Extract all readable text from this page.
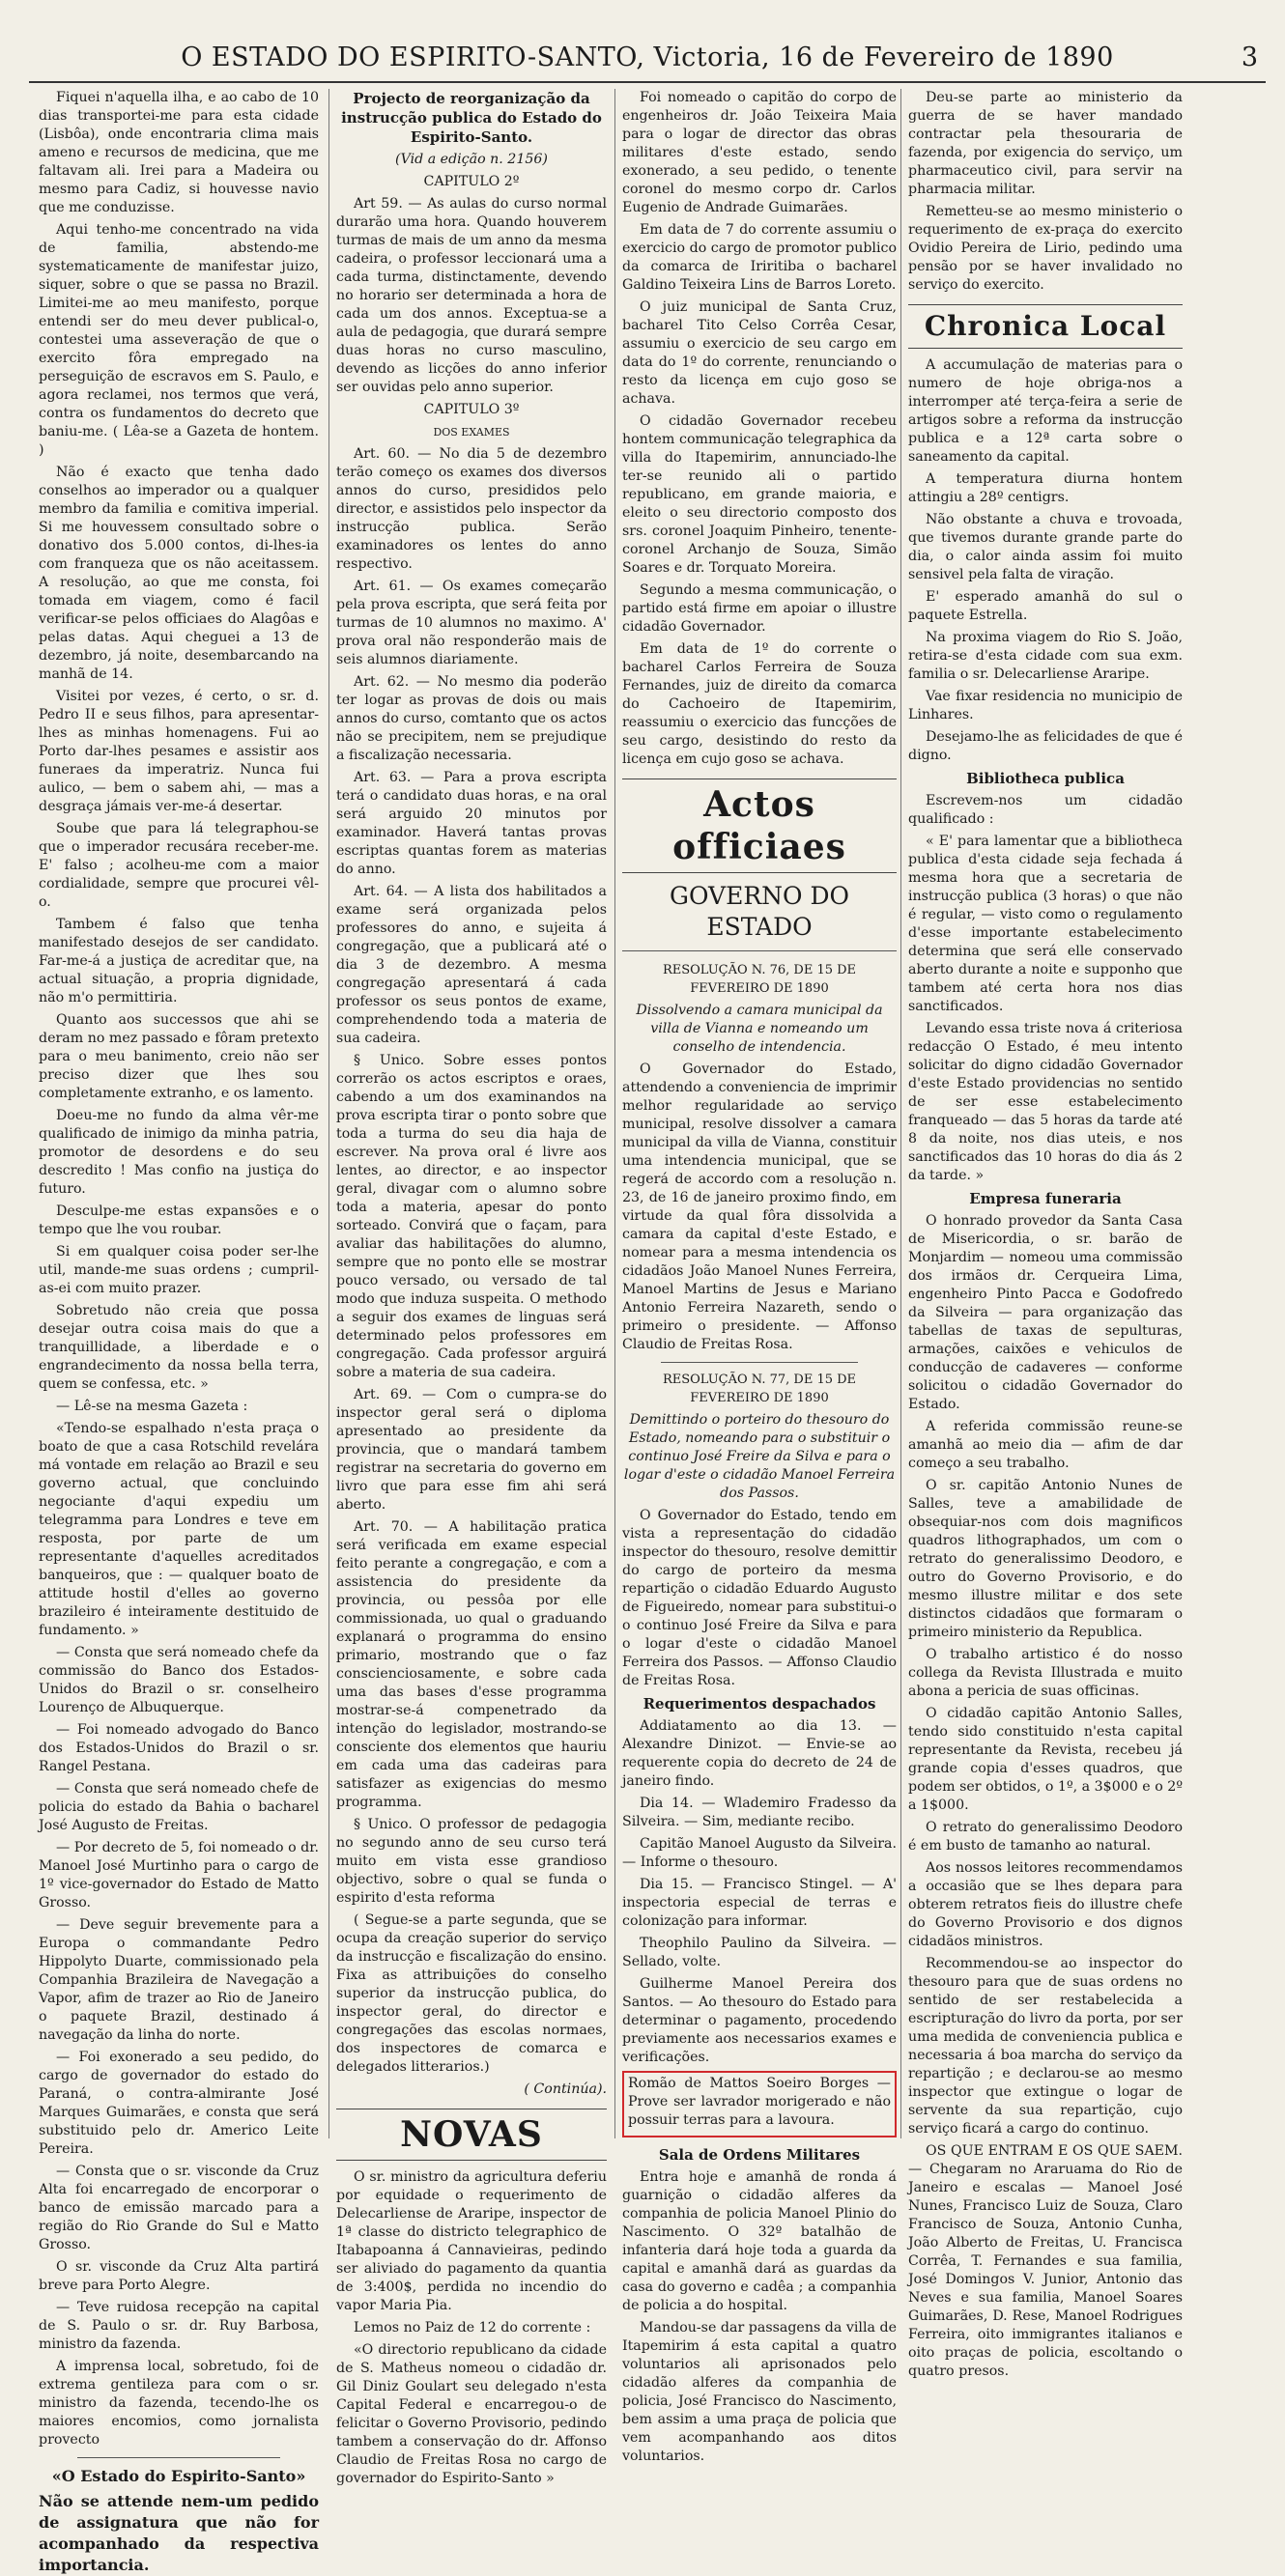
O ESTADO DO ESPIRITO-SANTO, Victoria, 16 de Fevereiro de 1890	3

Fiquei n'aquella ilha, e ao cabo de 10 dias transportei-me para esta cidade (Lisbôa), onde encontraria clima mais ameno e recursos de medicina, que me faltavam ali. Irei para a Madeira ou mesmo para Cadiz, si houvesse navio que me conduzisse.

Aqui tenho-me concentrado na vida de familia, abstendo-me systematicamente de manifestar juizo, siquer, sobre o que se passa no Brazil. Limitei-me ao meu manifesto, porque entendi ser do meu dever publical-o, contestei uma asseveração de que o exercito fôra empregado na perseguição de escravos em S. Paulo, e agora reclamei, nos termos que verá, contra os fundamentos do decreto que baniu-me. ( Lêa-se a Gazeta de hontem. )

Não é exacto que tenha dado conselhos ao imperador ou a qualquer membro da familia e comitiva imperial. Si me houvessem consultado sobre o donativo dos 5.000 contos, di-lhes-ia com franqueza que os não aceitassem. A resolução, ao que me consta, foi tomada em viagem, como é facil verificar-se pelos officiaes do Alagôas e pelas datas. Aqui cheguei a 13 de dezembro, já noite, desembarcando na manhã de 14.

Visitei por vezes, é certo, o sr. d. Pedro II e seus filhos, para apresentar-lhes as minhas homenagens. Fui ao Porto dar-lhes pesames e assistir aos funeraes da imperatriz. Nunca fui aulico, — bem o sabem ahi, — mas a desgraça jámais ver-me-á desertar.

Soube que para lá telegraphou-se que o imperador recusára receber-me. E' falso ; acolheu-me com a maior cordialidade, sempre que procurei vêl-o.

Tambem é falso que tenha manifestado desejos de ser candidato. Far-me-á a justiça de acreditar que, na actual situação, a propria dignidade, não m'o permittiria.

Quanto aos successos que ahi se deram no mez passado e fôram pretexto para o meu banimento, creio não ser preciso dizer que lhes sou completamente extranho, e os lamento.

Doeu-me no fundo da alma vêr-me qualificado de inimigo da minha patria, promotor de desordens e do seu descredito ! Mas confio na justiça do futuro.

Desculpe-me estas expansões e o tempo que lhe vou roubar.

Si em qualquer coisa poder ser-lhe util, mande-me suas ordens ; cumpril-as-ei com muito prazer.

Sobretudo não creia que possa desejar outra coisa mais do que a tranquillidade, a liberdade e o engrandecimento da nossa bella terra, quem se confessa, etc. »

— Lê-se na mesma Gazeta :

«Tendo-se espalhado n'esta praça o boato de que a casa Rotschild revelára má vontade em relação ao Brazil e seu governo actual, que concluindo negociante d'aqui expediu um telegramma para Londres e teve em resposta, por parte de um representante d'aquelles acreditados banqueiros, que : — qualquer boato de attitude hostil d'elles ao governo brazileiro é inteiramente destituido de fundamento. »

— Consta que será nomeado chefe da commissão do Banco dos Estados-Unidos do Brazil o sr. conselheiro Lourenço de Albuquerque.

— Foi nomeado advogado do Banco dos Estados-Unidos do Brazil o sr. Rangel Pestana.

— Consta que será nomeado chefe de policia do estado da Bahia o bacharel José Augusto de Freitas.

— Por decreto de 5, foi nomeado o dr. Manoel José Murtinho para o cargo de 1º vice-governador do Estado de Matto Grosso.

— Deve seguir brevemente para a Europa o commandante Pedro Hippolyto Duarte, commissionado pela Companhia Brazileira de Navegação a Vapor, afim de trazer ao Rio de Janeiro o paquete Brazil, destinado á navegação da linha do norte.

— Foi exonerado a seu pedido, do cargo de governador do estado do Paraná, o contra-almirante José Marques Guimarães, e consta que será substituido pelo dr. Americo Leite Pereira.

— Consta que o sr. visconde da Cruz Alta foi encarregado de encorporar o banco de emissão marcado para a região do Rio Grande do Sul e Matto Grosso.

O sr. visconde da Cruz Alta partirá breve para Porto Alegre.

— Teve ruidosa recepção na capital de S. Paulo o sr. dr. Ruy Barbosa, ministro da fazenda.

A imprensa local, sobretudo, foi de extrema gentileza para com o sr. ministro da fazenda, tecendo-lhe os maiores encomios, como jornalista provecto

«O Estado do Espirito-Santo»

Não se attende nem-um pedido de assignatura que não for acompanhado da respectiva importancia.

Projecto de reorganização da instrucção publica do Estado do Espirito-Santo.

(Vid a edição n. 2156)

CAPITULO 2º

Art 59. — As aulas do curso normal durarão uma hora. Quando houverem turmas de mais de um anno da mesma cadeira, o professor leccionará uma a cada turma, distinctamente, devendo no horario ser determinada a hora de cada um dos annos. Exceptua-se a aula de pedagogia, que durará sempre duas horas no curso masculino, devendo as licções do anno inferior ser ouvidas pelo anno superior.

CAPITULO 3º

DOS EXAMES

Art. 60. — No dia 5 de dezembro terão começo os exames dos diversos annos do curso, presididos pelo director, e assistidos pelo inspector da instrucção publica. Serão examinadores os lentes do anno respectivo.

Art. 61. — Os exames começarão pela prova escripta, que será feita por turmas de 10 alumnos no maximo. A' prova oral não responderão mais de seis alumnos diariamente.

Art. 62. — No mesmo dia poderão ter logar as provas de dois ou mais annos do curso, comtanto que os actos não se precipitem, nem se prejudique a fiscalização necessaria.

Art. 63. — Para a prova escripta terá o candidato duas horas, e na oral será arguido 20 minutos por examinador. Haverá tantas provas escriptas quantas forem as materias do anno.

Art. 64. — A lista dos habilitados a exame será organizada pelos professores do anno, e sujeita á congregação, que a publicará até o dia 3 de dezembro. A mesma congregação apresentará á cada professor os seus pontos de exame, comprehendendo toda a materia de sua cadeira.

§ Unico. Sobre esses pontos correrão os actos escriptos e oraes, cabendo a um dos examinandos na prova escripta tirar o ponto sobre que toda a turma do seu dia haja de escrever. Na prova oral é livre aos lentes, ao director, e ao inspector geral, divagar com o alumno sobre toda a materia, apesar do ponto sorteado. Convirá que o façam, para avaliar das habilitações do alumno, sempre que no ponto elle se mostrar pouco versado, ou versado de tal modo que induza suspeita. O methodo a seguir dos exames de linguas será determinado pelos professores em congregação. Cada professor arguirá sobre a materia de sua cadeira.

Art. 69. — Com o cumpra-se do inspector geral será o diploma apresentado ao presidente da provincia, que o mandará tambem registrar na secretaria do governo em livro que para esse fim ahi será aberto.

Art. 70. — A habilitação pratica será verificada em exame especial feito perante a congregação, e com a assistencia do presidente da provincia, ou pessôa por elle commissionada, uo qual o graduando explanará o programma do ensino primario, mostrando que o faz conscienciosamente, e sobre cada uma das bases d'esse programma mostrar-se-á compenetrado da intenção do legislador, mostrando-se consciente dos elementos que hauriu em cada uma das cadeiras para satisfazer as exigencias do mesmo programma.

§ Unico. O professor de pedagogia no segundo anno de seu curso terá muito em vista esse grandioso objectivo, sobre o qual se funda o espirito d'esta reforma

( Segue-se a parte segunda, que se ocupa da creação superior do serviço da instrucção e fiscalização do ensino. Fixa as attribuições do conselho superior da instrucção publica, do inspector geral, do director e congregações das escolas normaes, dos inspectores de comarca e delegados litterarios.)

( Continúa).

NOVAS

O sr. ministro da agricultura deferiu por equidade o requerimento de Delecarliense de Araripe, inspector de 1ª classe do districto telegraphico de Itabapoanna á Cannavieiras, pedindo ser aliviado do pagamento da quantia de 3:400$, perdida no incendio do vapor Maria Pia.

Lemos no Paiz de 12 do corrente :

«O directorio republicano da cidade de S. Matheus nomeou o cidadão dr. Gil Diniz Goulart seu delegado n'esta Capital Federal e encarregou-o de felicitar o Governo Provisorio, pedindo tambem a conservação do dr. Affonso Claudio de Freitas Rosa no cargo de governador do Espirito-Santo »

Foi nomeado o capitão do corpo de engenheiros dr. João Teixeira Maia para o logar de director das obras militares d'este estado, sendo exonerado, a seu pedido, o tenente coronel do mesmo corpo dr. Carlos Eugenio de Andrade Guimarães.

Em data de 7 do corrente assumiu o exercicio do cargo de promotor publico da comarca de Iriritiba o bacharel Galdino Teixeira Lins de Barros Loreto.

O juiz municipal de Santa Cruz, bacharel Tito Celso Corrêa Cesar, assumiu o exercicio de seu cargo em data do 1º do corrente, renunciando o resto da licença em cujo goso se achava.

O cidadão Governador recebeu hontem communicação telegraphica da villa do Itapemirim, annunciado-lhe ter-se reunido ali o partido republicano, em grande maioria, e eleito o seu directorio composto dos srs. coronel Joaquim Pinheiro, tenente-coronel Archanjo de Souza, Simão Soares e dr. Torquato Moreira.

Segundo a mesma communicação, o partido está firme em apoiar o illustre cidadão Governador.

Em data de 1º do corrente o bacharel Carlos Ferreira de Souza Fernandes, juiz de direito da comarca do Cachoeiro de Itapemirim, reassumiu o exercicio das funcções de seu cargo, desistindo do resto da licença em cujo goso se achava.

Actos officiaes
GOVERNO DO ESTADO

RESOLUÇÃO N. 76, DE 15 DE FEVEREIRO DE 1890

Dissolvendo a camara municipal da villa de Vianna e nomeando um conselho de intendencia.

O Governador do Estado, attendendo a conveniencia de imprimir melhor regularidade ao serviço municipal, resolve dissolver a camara municipal da villa de Vianna, constituir uma intendencia municipal, que se regerá de accordo com a resolução n. 23, de 16 de janeiro proximo findo, em virtude da qual fôra dissolvida a camara da capital d'este Estado, e nomear para a mesma intendencia os cidadãos João Manoel Nunes Ferreira, Manoel Martins de Jesus e Mariano Antonio Ferreira Nazareth, sendo o primeiro o presidente. — Affonso Claudio de Freitas Rosa.

RESOLUÇÃO N. 77, DE 15 DE FEVEREIRO DE 1890

Demittindo o porteiro do thesouro do Estado, nomeando para o substituir o continuo José Freire da Silva e para o logar d'este o cidadão Manoel Ferreira dos Passos.

O Governador do Estado, tendo em vista a representação do cidadão inspector do thesouro, resolve demittir do cargo de porteiro da mesma repartição o cidadão Eduardo Augusto de Figueiredo, nomear para substitui-o o continuo José Freire da Silva e para o logar d'este o cidadão Manoel Ferreira dos Passos. — Affonso Claudio de Freitas Rosa.

Requerimentos despachados

Addiatamento ao dia 13. — Alexandre Dinizot. — Envie-se ao requerente copia do decreto de 24 de janeiro findo.

Dia 14. — Wlademiro Fradesso da Silveira. — Sim, mediante recibo.

Capitão Manoel Augusto da Silveira. — Informe o thesouro.

Dia 15. — Francisco Stingel. — A' inspectoria especial de terras e colonização para informar.

Theophilo Paulino da Silveira. — Sellado, volte.

Guilherme Manoel Pereira dos Santos. — Ao thesouro do Estado para determinar o pagamento, procedendo previamente aos necessarios exames e verificações.

Romão de Mattos Soeiro Borges — Prove ser lavrador morigerado e não possuir terras para a lavoura.

Sala de Ordens Militares

Entra hoje e amanhã de ronda á guarnição o cidadão alferes da companhia de policia Manoel Plinio do Nascimento. O 32º batalhão de infanteria dará hoje toda a guarda da capital e amanhã dará as guardas da casa do governo e cadêa ; a companhia de policia a do hospital.

Mandou-se dar passagens da villa de Itapemirim á esta capital a quatro voluntarios ali aprisonados pelo cidadão alferes da companhia de policia, José Francisco do Nascimento, bem assim a uma praça de policia que vem acompanhando aos ditos voluntarios.

Deu-se parte ao ministerio da guerra de se haver mandado contractar pela thesouraria de fazenda, por exigencia do serviço, um pharmaceutico civil, para servir na pharmacia militar.

Remetteu-se ao mesmo ministerio o requerimento de ex-praça do exercito Ovidio Pereira de Lirio, pedindo uma pensão por se haver invalidado no serviço do exercito.

Chronica Local

A accumulação de materias para o numero de hoje obriga-nos a interromper até terça-feira a serie de artigos sobre a reforma da instrucção publica e a 12ª carta sobre o saneamento da capital.

A temperatura diurna hontem attingiu a 28º centigrs.

Não obstante a chuva e trovoada, que tivemos durante grande parte do dia, o calor ainda assim foi muito sensivel pela falta de viração.

E' esperado amanhã do sul o paquete Estrella.

Na proxima viagem do Rio S. João, retira-se d'esta cidade com sua exm. familia o sr. Delecarliense Araripe.

Vae fixar residencia no municipio de Linhares.

Desejamo-lhe as felicidades de que é digno.

Bibliotheca publica

Escrevem-nos um cidadão qualificado :

« E' para lamentar que a bibliotheca publica d'esta cidade seja fechada á mesma hora que a secretaria de instrucção publica (3 horas) o que não é regular, — visto como o regulamento d'esse importante estabelecimento determina que será elle conservado aberto durante a noite e supponho que tambem até certa hora nos dias sanctificados.

Levando essa triste nova á criteriosa redacção O Estado, é meu intento solicitar do digno cidadão Governador d'este Estado providencias no sentido de ser esse estabelecimento franqueado — das 5 horas da tarde até 8 da noite, nos dias uteis, e nos sanctificados das 10 horas do dia ás 2 da tarde. »

Empresa funeraria

O honrado provedor da Santa Casa de Misericordia, o sr. barão de Monjardim — nomeou uma commissão dos irmãos dr. Cerqueira Lima, engenheiro Pinto Pacca e Godofredo da Silveira — para organização das tabellas de taxas de sepulturas, armações, caixões e vehiculos de conducção de cadaveres — conforme solicitou o cidadão Governador do Estado.

A referida commissão reune-se amanhã ao meio dia — afim de dar começo a seu trabalho.

O sr. capitão Antonio Nunes de Salles, teve a amabilidade de obsequiar-nos com dois magnificos quadros lithographados, um com o retrato do generalissimo Deodoro, e outro do Governo Provisorio, e do mesmo illustre militar e dos sete distinctos cidadãos que formaram o primeiro ministerio da Republica.

O trabalho artistico é do nosso collega da Revista Illustrada e muito abona a pericia de suas officinas.

O cidadão capitão Antonio Salles, tendo sido constituido n'esta capital representante da Revista, recebeu já grande copia d'esses quadros, que podem ser obtidos, o 1º, a 3$000 e o 2º a 1$000.

O retrato do generalissimo Deodoro é em busto de tamanho ao natural.

Aos nossos leitores recommendamos a occasião que se lhes depara para obterem retratos fieis do illustre chefe do Governo Provisorio e dos dignos cidadãos ministros.

Recommendou-se ao inspector do thesouro para que de suas ordens no sentido de ser restabelecida a escripturação do livro da porta, por ser uma medida de conveniencia publica e necessaria á boa marcha do serviço da repartição ; e declarou-se ao mesmo inspector que extingue o logar de servente da sua repartição, cujo serviço ficará a cargo do continuo.

OS QUE ENTRAM E OS QUE SAEM. — Chegaram no Araruama do Rio de Janeiro e escalas — Manoel José Nunes, Francisco Luiz de Souza, Claro Francisco de Souza, Antonio Cunha, João Alberto de Freitas, U. Francisca Corrêa, T. Fernandes e sua familia, José Domingos V. Junior, Antonio das Neves e sua familia, Manoel Soares Guimarães, D. Rese, Manoel Rodrigues Ferreira, oito immigrantes italianos e oito praças de policia, escoltando o quatro presos.
